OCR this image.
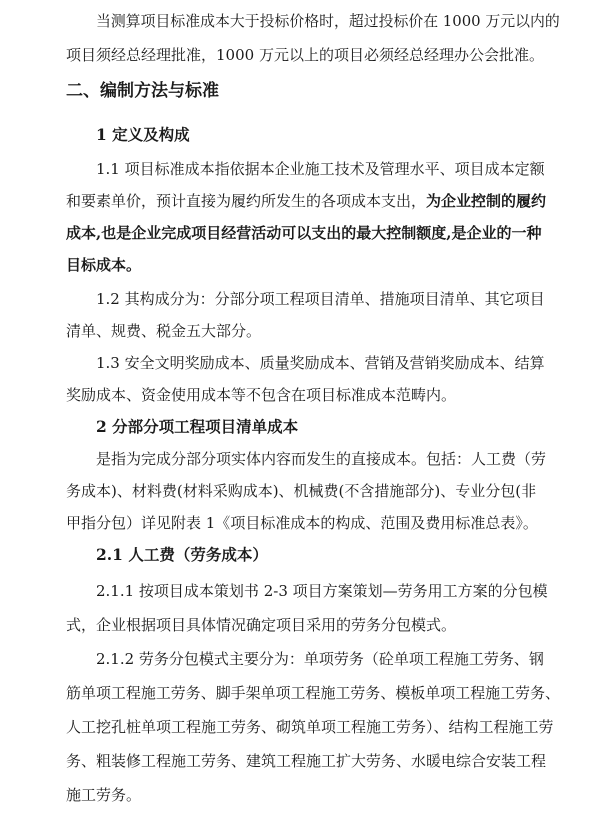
当测算项目标准成本大于投标价格时，超过投标价在 1000 万元以内的
项目须经总经理批准，1000 万元以上的项目必须经总经理办公会批准。
二、编制方法与标准
1 定义及构成
1.1 项目标准成本指依据本企业施工技术及管理水平、项目成本定额
和要素单价，预计直接为履约所发生的各项成本支出，为企业控制的履约
成本,也是企业完成项目经营活动可以支出的最大控制额度,是企业的一种
目标成本。
1.2 其构成分为：分部分项工程项目清单、措施项目清单、其它项目
清单、规费、税金五大部分。
1.3 安全文明奖励成本、质量奖励成本、营销及营销奖励成本、结算
奖励成本、资金使用成本等不包含在项目标准成本范畴内。
2 分部分项工程项目清单成本
是指为完成分部分项实体内容而发生的直接成本。包括：人工费（劳
务成本)、材料费(材料采购成本)、机械费(不含措施部分)、专业分包(非
甲指分包）详见附表 1《项目标准成本的构成、范围及费用标准总表》。
2.1 人工费（劳务成本）
2.1.1 按项目成本策划书 2-3 项目方案策划—劳务用工方案的分包模
式，企业根据项目具体情况确定项目采用的劳务分包模式。
2.1.2 劳务分包模式主要分为：单项劳务（砼单项工程施工劳务、钢
筋单项工程施工劳务、脚手架单项工程施工劳务、模板单项工程施工劳务、
人工挖孔桩单项工程施工劳务、砌筑单项工程施工劳务）、结构工程施工劳
务、粗装修工程施工劳务、建筑工程施工扩大劳务、水暖电综合安装工程
施工劳务。
